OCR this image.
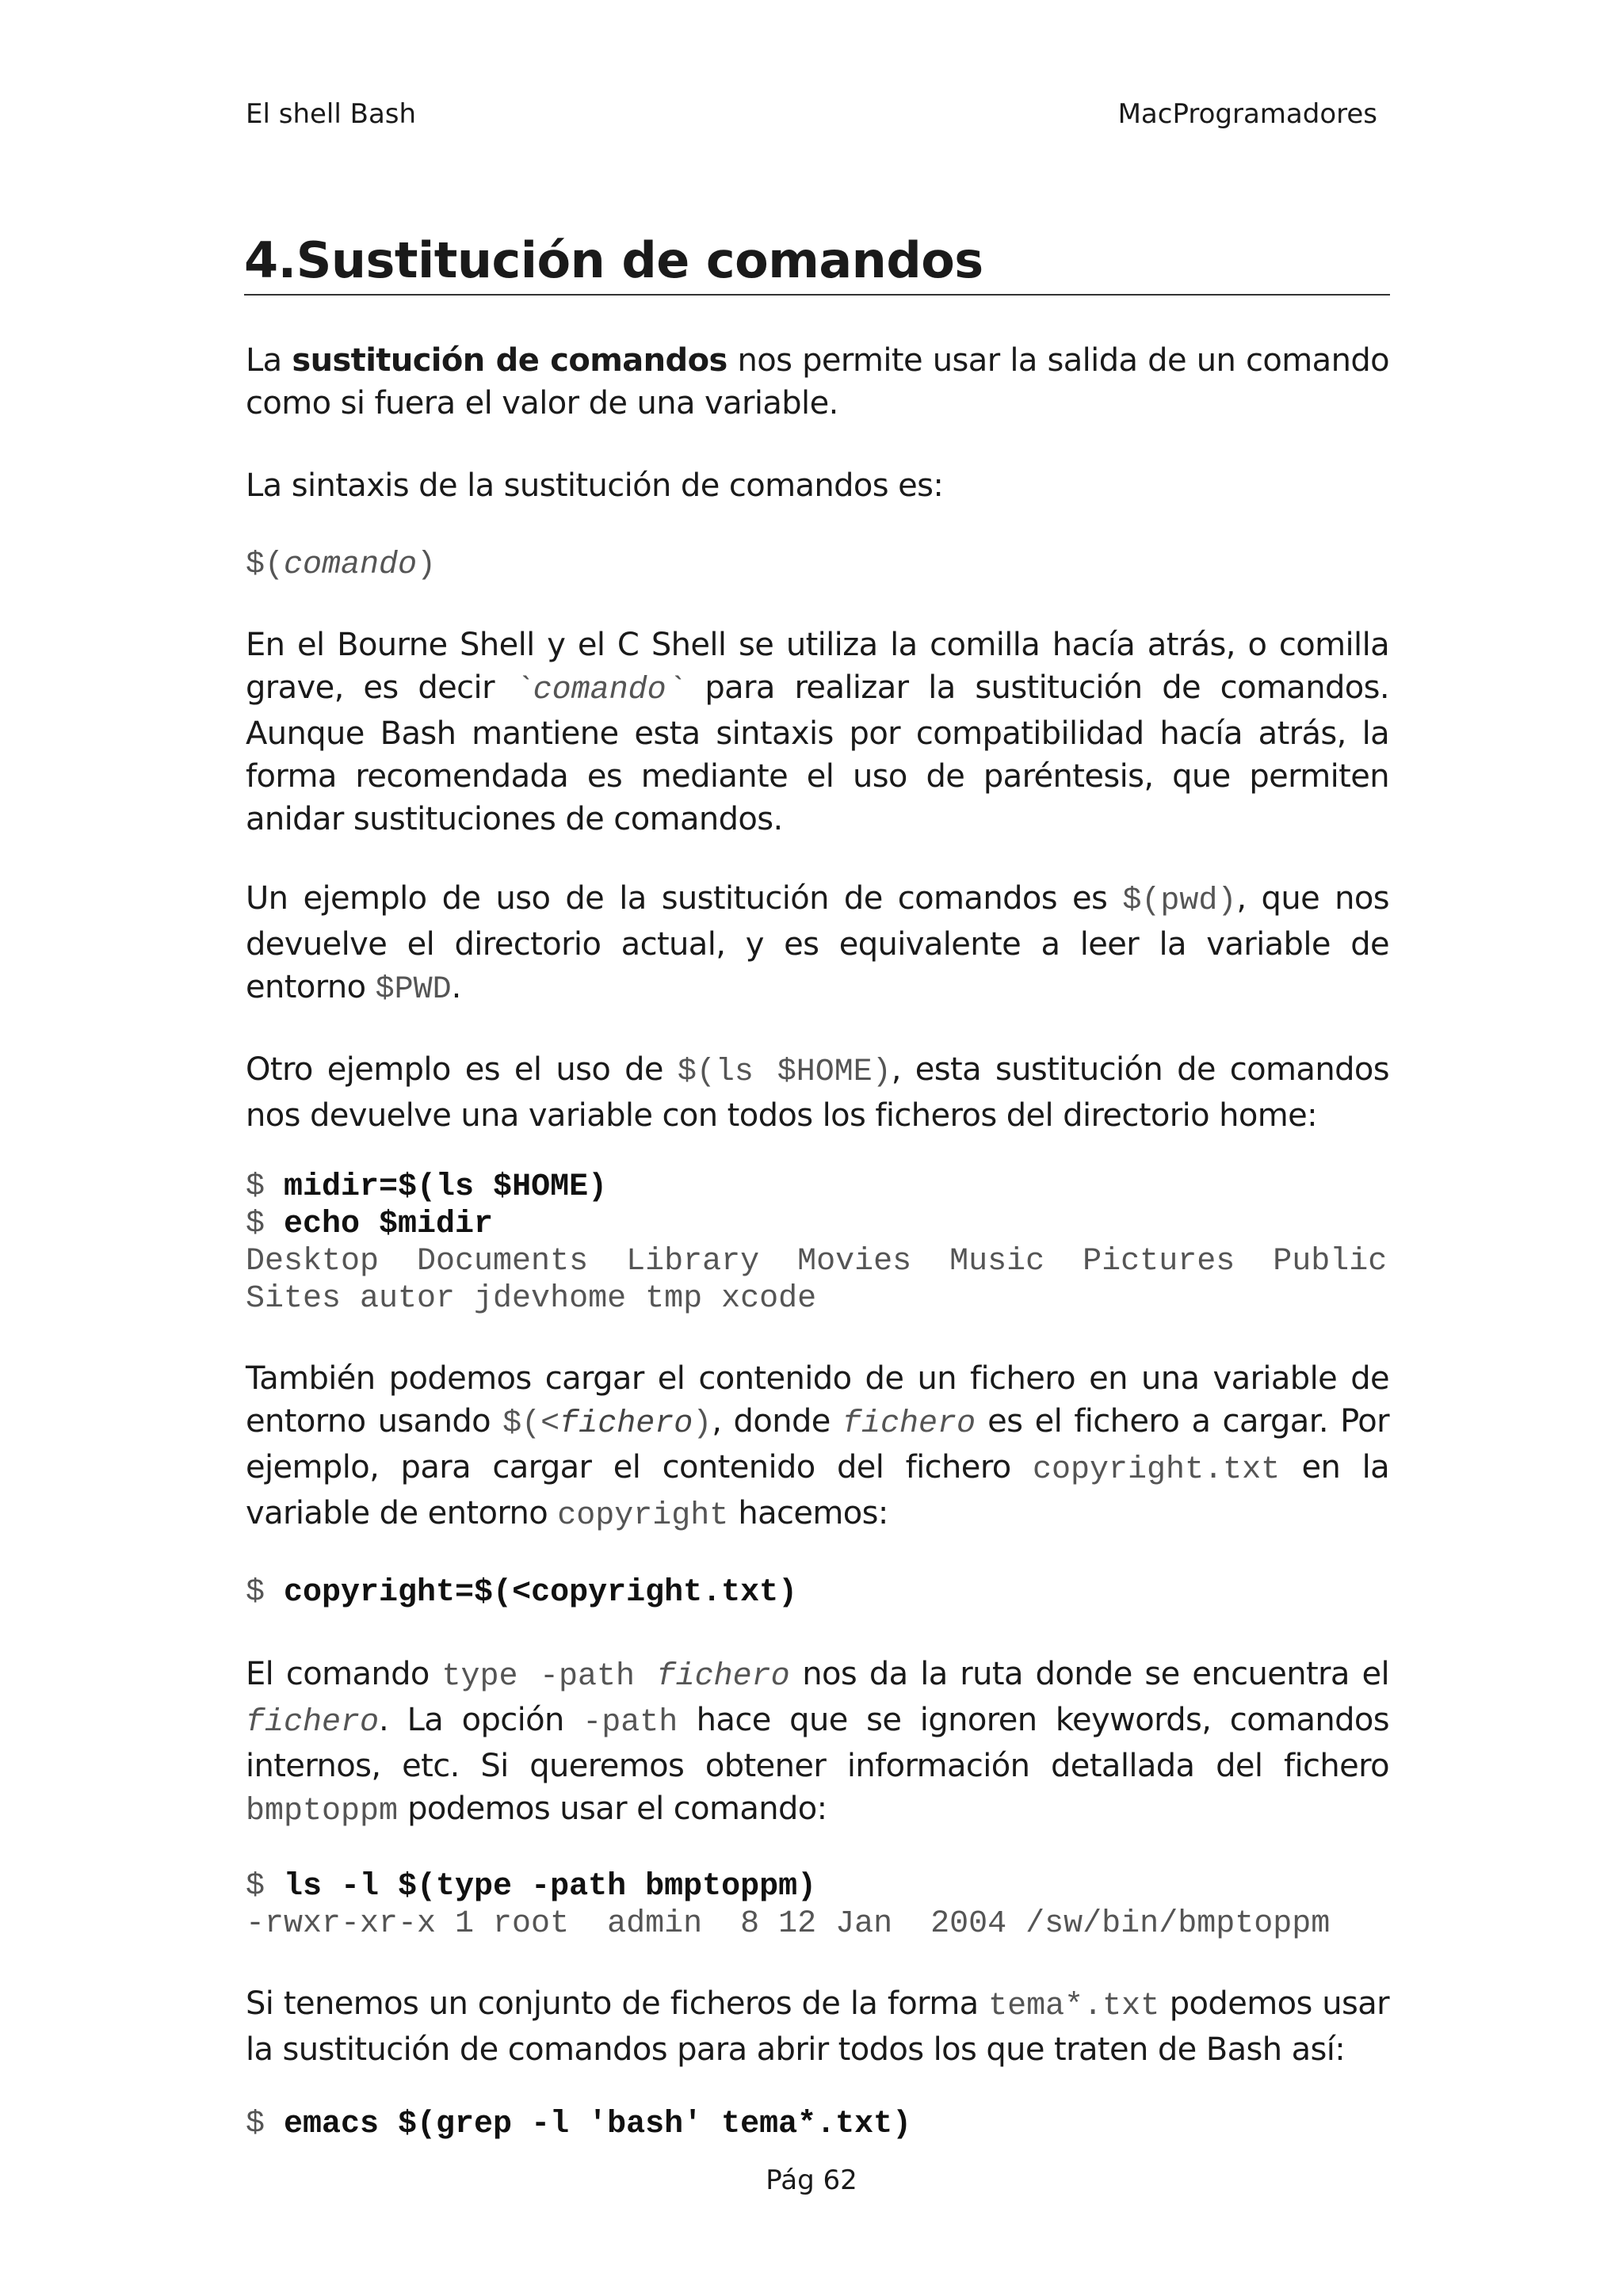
El shell Bash	MacProgramadores
4.Sustitución de comandos

La sustitución de comandos nos permite usar la salida de un comando como si fuera el valor de una variable.

La sintaxis de la sustitución de comandos es:

$(comando)

En el Bourne Shell y el C Shell se utiliza la comilla hacía atrás, o comilla grave, es decir `comando` para realizar la sustitución de comandos. Aunque Bash mantiene esta sintaxis por compatibilidad hacía atrás, la forma recomendada es mediante el uso de paréntesis, que permiten anidar sustituciones de comandos.

Un ejemplo de uso de la sustitución de comandos es $(pwd), que nos devuelve el directorio actual, y es equivalente a leer la variable de entorno $PWD.

Otro ejemplo es el uso de $(ls $HOME), esta sustitución de comandos nos devuelve una variable con todos los ficheros del directorio home:

$ midir=$(ls $HOME)
$ echo $midir
Desktop  Documents  Library  Movies  Music  Pictures  Public
Sites autor jdevhome tmp xcode

También podemos cargar el contenido de un fichero en una variable de entorno usando $(<fichero), donde fichero es el fichero a cargar. Por ejemplo, para cargar el contenido del fichero copyright.txt en la variable de entorno copyright hacemos:

$ copyright=$(<copyright.txt)

El comando type -path fichero nos da la ruta donde se encuentra el fichero. La opción -path hace que se ignoren keywords, comandos internos, etc. Si queremos obtener información detallada del fichero bmptoppm podemos usar el comando:

$ ls -l $(type -path bmptoppm)
-rwxr-xr-x 1 root  admin  8 12 Jan  2004 /sw/bin/bmptoppm

Si tenemos un conjunto de ficheros de la forma tema*.txt podemos usar la sustitución de comandos para abrir todos los que traten de Bash así:

$ emacs $(grep -l 'bash' tema*.txt)
Pág 62
